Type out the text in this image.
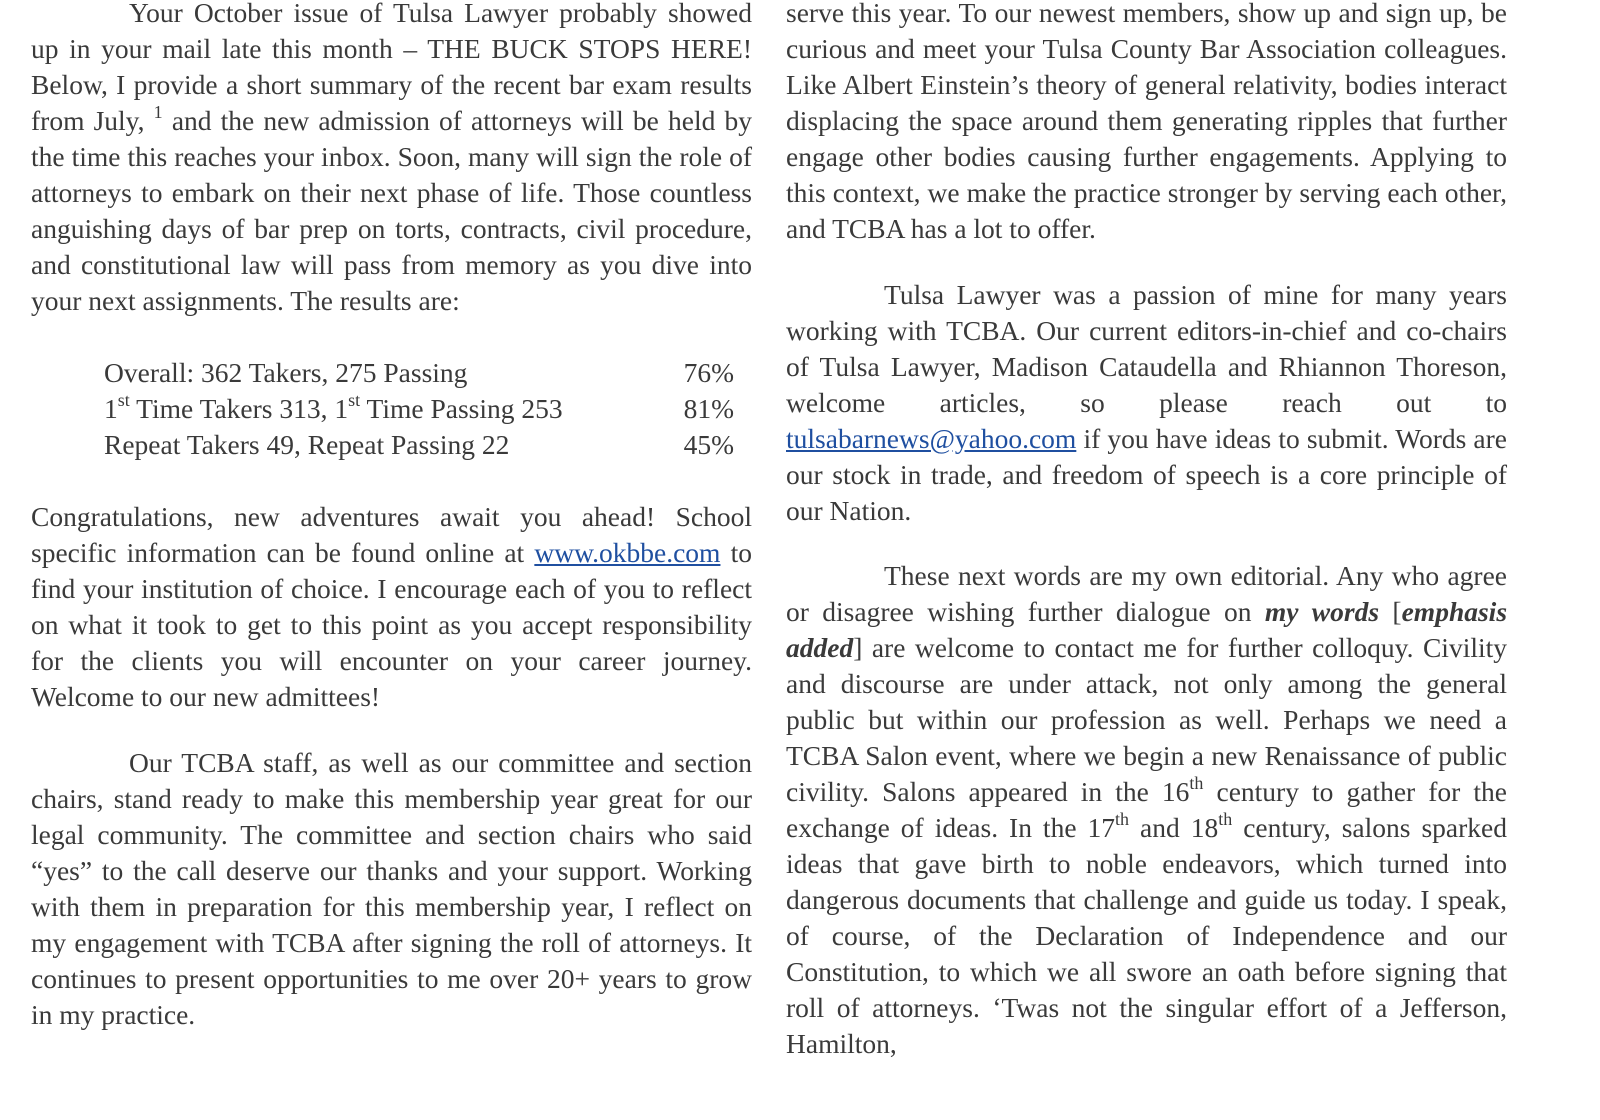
Your October issue of Tulsa Lawyer probably showed up in your mail late this month – THE BUCK STOPS HERE! Below, I provide a short summary of the recent bar exam results from July, $^1$ and the new admission of attorneys will be held by the time this reaches your inbox. Soon, many will sign the role of attorneys to embark on their next phase of life. Those countless anguishing days of bar prep on torts, contracts, civil procedure, and constitutional law will pass from memory as you dive into your next assignments. The results are:

Overall: 362 Takers, 275 Passing	76%
1st Time Takers 313, 1st Time Passing 253	81%
Repeat Takers 49, Repeat Passing 22	45%

Congratulations, new adventures await you ahead! School specific information can be found online at www.okbbe.com to find your institution of choice. I encourage each of you to reflect on what it took to get to this point as you accept responsibility for the clients you will encounter on your career journey. Welcome to our new admittees!

Our TCBA staff, as well as our committee and section chairs, stand ready to make this membership year great for our legal community. The committee and section chairs who said “yes” to the call deserve our thanks and your support. Working with them in preparation for this membership year, I reflect on my engagement with TCBA after signing the roll of attorneys. It continues to present opportunities to me over 20+ years to grow in my practice.

serve this year. To our newest members, show up and sign up, be curious and meet your Tulsa County Bar Association colleagues. Like Albert Einstein’s theory of general relativity, bodies interact displacing the space around them generating ripples that further engage other bodies causing further engagements. Applying to this context, we make the practice stronger by serving each other, and TCBA has a lot to offer.

Tulsa Lawyer was a passion of mine for many years working with TCBA. Our current editors-in-chief and co-chairs of Tulsa Lawyer, Madison Cataudella and Rhiannon Thoreson, welcome articles, so please reach out to tulsabarnews@yahoo.com if you have ideas to submit. Words are our stock in trade, and freedom of speech is a core principle of our Nation.

These next words are my own editorial. Any who agree or disagree wishing further dialogue on my words [emphasis added] are welcome to contact me for further colloquy. Civility and discourse are under attack, not only among the general public but within our profession as well. Perhaps we need a TCBA Salon event, where we begin a new Renaissance of public civility. Salons appeared in the 16th century to gather for the exchange of ideas. In the 17th and 18th century, salons sparked ideas that gave birth to noble endeavors, which turned into dangerous documents that challenge and guide us today. I speak, of course, of the Declaration of Independence and our Constitution, to which we all swore an oath before signing that roll of attorneys. ‘Twas not the singular effort of a Jefferson, Hamilton,
